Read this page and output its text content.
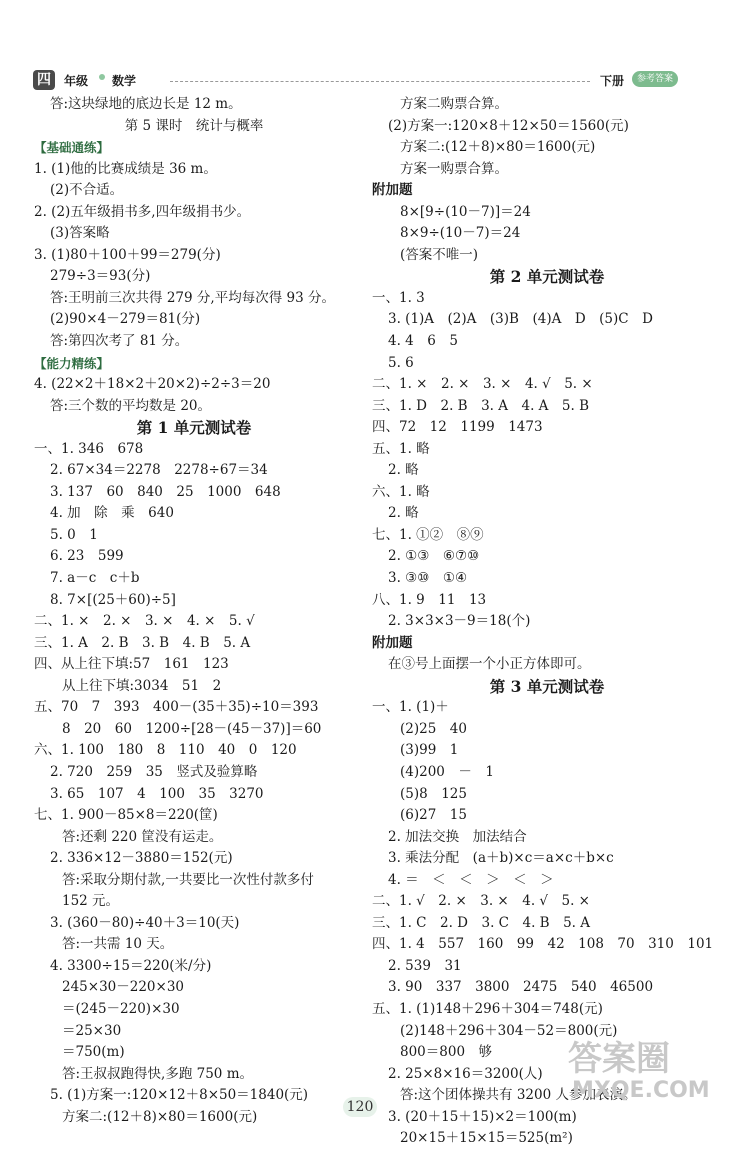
四	年级 数学	下册	参考答案
答:这块绿地的底边长是 12 m。
第 5 课时　统计与概率
【基础通练】
1. (1)他的比赛成绩是 36 m。
(2)不合适。
2. (2)五年级捐书多,四年级捐书少。
(3)答案略
3. (1)80＋100＋99＝279(分)
279÷3＝93(分)
答:王明前三次共得 279 分,平均每次得 93 分。
(2)90×4－279＝81(分)
答:第四次考了 81 分。
【能力精练】
4. (22×2＋18×2＋20×2)÷2÷3＝20
答:三个数的平均数是 20。
第 1 单元测试卷
一、1. 346　678
2. 67×34＝2278　2278÷67＝34
3. 137　60　840　25　1000　648
4. 加　除　乘　640
5. 0　1
6. 23　599
7. a－c　c＋b
8. 7×[(25＋60)÷5]
二、1. ×　2. ×　3. ×　4. ×　5. √
三、1. A　2. B　3. B　4. B　5. A
四、从上往下填:57　161　123
从上往下填:3034　51　2
五、70　7　393　400－(35＋35)÷10＝393
8　20　60　1200÷[28－(45－37)]＝60
六、1. 100　180　8　110　40　0　120
2. 720　259　35　竖式及验算略
3. 65　107　4　100　35　3270
七、1. 900－85×8＝220(筐)
答:还剩 220 筐没有运走。
2. 336×12－3880＝152(元)
答:采取分期付款,一共要比一次性付款多付
152 元。
3. (360－80)÷40＋3＝10(天)
答:一共需 10 天。
4. 3300÷15＝220(米/分)
245×30－220×30
＝(245－220)×30
＝25×30
＝750(m)
答:王叔叔跑得快,多跑 750 m。
5. (1)方案一:120×12＋8×50＝1840(元)
方案二:(12＋8)×80＝1600(元)
方案二购票合算。
(2)方案一:120×8＋12×50＝1560(元)
方案二:(12＋8)×80＝1600(元)
方案一购票合算。
附加题
8×[9÷(10－7)]＝24
8×9÷(10－7)＝24
(答案不唯一)
第 2 单元测试卷
一、1. 3
3. (1)A　(2)A　(3)B　(4)A　D　(5)C　D
4. 4　6　5
5. 6
二、1. ×　2. ×　3. ×　4. √　5. ×
三、1. D　2. B　3. A　4. A　5. B
四、72　12　1199　1473
五、1. 略
2. 略
六、1. 略
2. 略
七、1. ①②　⑧⑨
2. ①③　⑥⑦⑩
3. ③⑩　①④
八、1. 9　11　13
2. 3×3×3－9＝18(个)
附加题
在③号上面摆一个小正方体即可。
第 3 单元测试卷
一、1. (1)＋
(2)25　40
(3)99　1
(4)200　－　1
(5)8　125
(6)27　15
2. 加法交换　加法结合
3. 乘法分配　(a＋b)×c＝a×c＋b×c
4. ＝　＜　＜　＞　＜　＞
二、1. √　2. ×　3. ×　4. √　5. ×
三、1. C　2. D　3. C　4. B　5. A
四、1. 4　557　160　99　42　108　70　310　101
2. 539　31
3. 90　337　3800　2475　540　46500
五、1. (1)148＋296＋304＝748(元)
(2)148＋296＋304－52＝800(元)
800＝800　够
2. 25×8×16＝3200(人)
答:这个团体操共有 3200 人参加表演。
3. (20＋15＋15)×2＝100(m)
20×15＋15×15＝525(m²)
120
答案圈
MXQE.COM
